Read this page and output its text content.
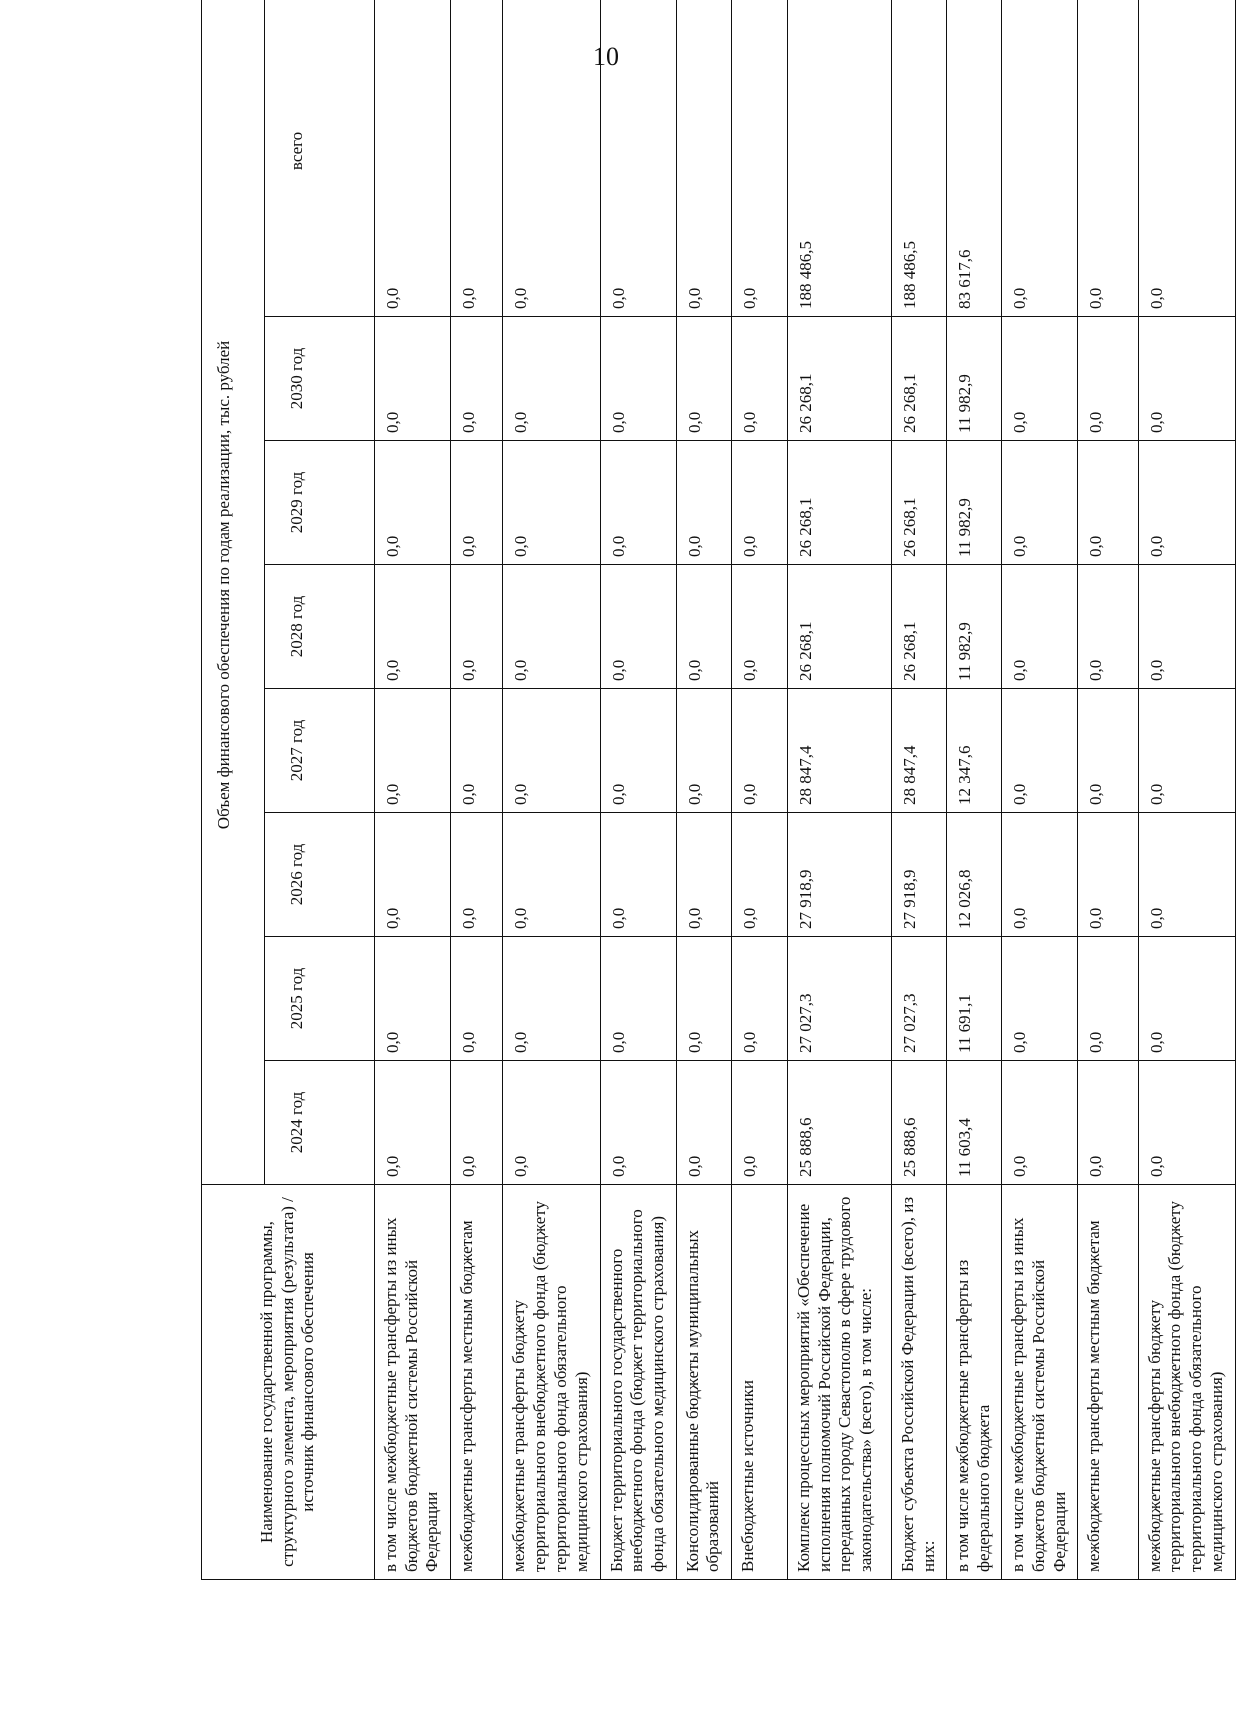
10
Наименование государственной программы, структурного элемента, мероприятия (результата) / источник финансового обеспечения	Объем финансового обеспечения по годам реализации, тыс. рублей							
	2024 год	2025 год	2026 год	2027 год	2028 год	2029 год	2030 год	всего
в том числе межбюджетные трансферты из иных бюджетов бюджетной системы Российской Федерации	0,0	0,0	0,0	0,0	0,0	0,0	0,0	0,0
межбюджетные трансферты местным бюджетам	0,0	0,0	0,0	0,0	0,0	0,0	0,0	0,0
межбюджетные трансферты бюджету территориального внебюджетного фонда (бюджету территориального фонда обязательного медицинского страхования)	0,0	0,0	0,0	0,0	0,0	0,0	0,0	0,0
Бюджет территориального государственного внебюджетного фонда (бюджет территориального фонда обязательного медицинского страхования)	0,0	0,0	0,0	0,0	0,0	0,0	0,0	0,0
Консолидированные бюджеты муниципальных образований	0,0	0,0	0,0	0,0	0,0	0,0	0,0	0,0
Внебюджетные источники	0,0	0,0	0,0	0,0	0,0	0,0	0,0	0,0
Комплекс процессных мероприятий «Обеспечение исполнения полномочий Российской Федерации, переданных городу Севастополю в сфере трудового законодательства» (всего), в том числе:	25 888,6	27 027,3	27 918,9	28 847,4	26 268,1	26 268,1	26 268,1	188 486,5
Бюджет субъекта Российской Федерации (всего), из них:	25 888,6	27 027,3	27 918,9	28 847,4	26 268,1	26 268,1	26 268,1	188 486,5
в том числе межбюджетные трансферты из федерального бюджета	11 603,4	11 691,1	12 026,8	12 347,6	11 982,9	11 982,9	11 982,9	83 617,6
в том числе межбюджетные трансферты из иных бюджетов бюджетной системы Российской Федерации	0,0	0,0	0,0	0,0	0,0	0,0	0,0	0,0
межбюджетные трансферты местным бюджетам	0,0	0,0	0,0	0,0	0,0	0,0	0,0	0,0
межбюджетные трансферты бюджету территориального внебюджетного фонда (бюджету территориального фонда обязательного медицинского страхования)	0,0	0,0	0,0	0,0	0,0	0,0	0,0	0,0
